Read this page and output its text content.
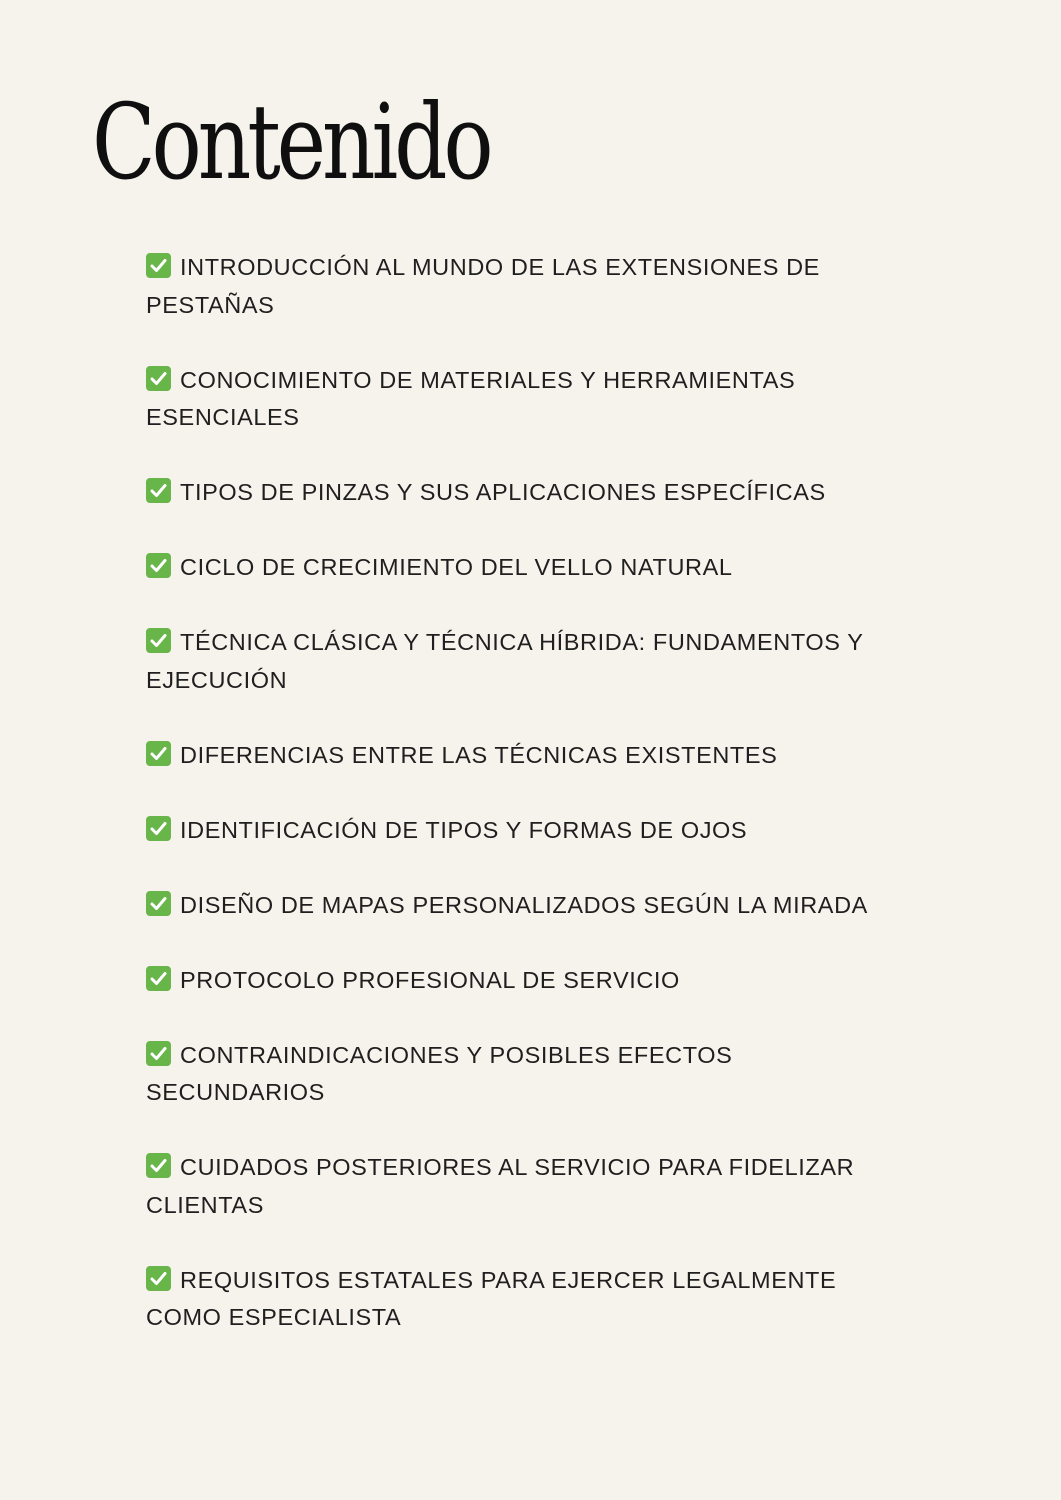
Contenido
INTRODUCCIÓN AL MUNDO DE LAS EXTENSIONES DE PESTAÑAS
CONOCIMIENTO DE MATERIALES Y HERRAMIENTAS ESENCIALES
TIPOS DE PINZAS Y SUS APLICACIONES ESPECÍFICAS
CICLO DE CRECIMIENTO DEL VELLO NATURAL
TÉCNICA CLÁSICA Y TÉCNICA HÍBRIDA: FUNDAMENTOS Y EJECUCIÓN
DIFERENCIAS ENTRE LAS TÉCNICAS EXISTENTES
IDENTIFICACIÓN DE TIPOS Y FORMAS DE OJOS
DISEÑO DE MAPAS PERSONALIZADOS SEGÚN LA MIRADA
PROTOCOLO PROFESIONAL DE SERVICIO
CONTRAINDICACIONES Y POSIBLES EFECTOS SECUNDARIOS
CUIDADOS POSTERIORES AL SERVICIO PARA FIDELIZAR CLIENTAS
REQUISITOS ESTATALES PARA EJERCER LEGALMENTE COMO ESPECIALISTA
